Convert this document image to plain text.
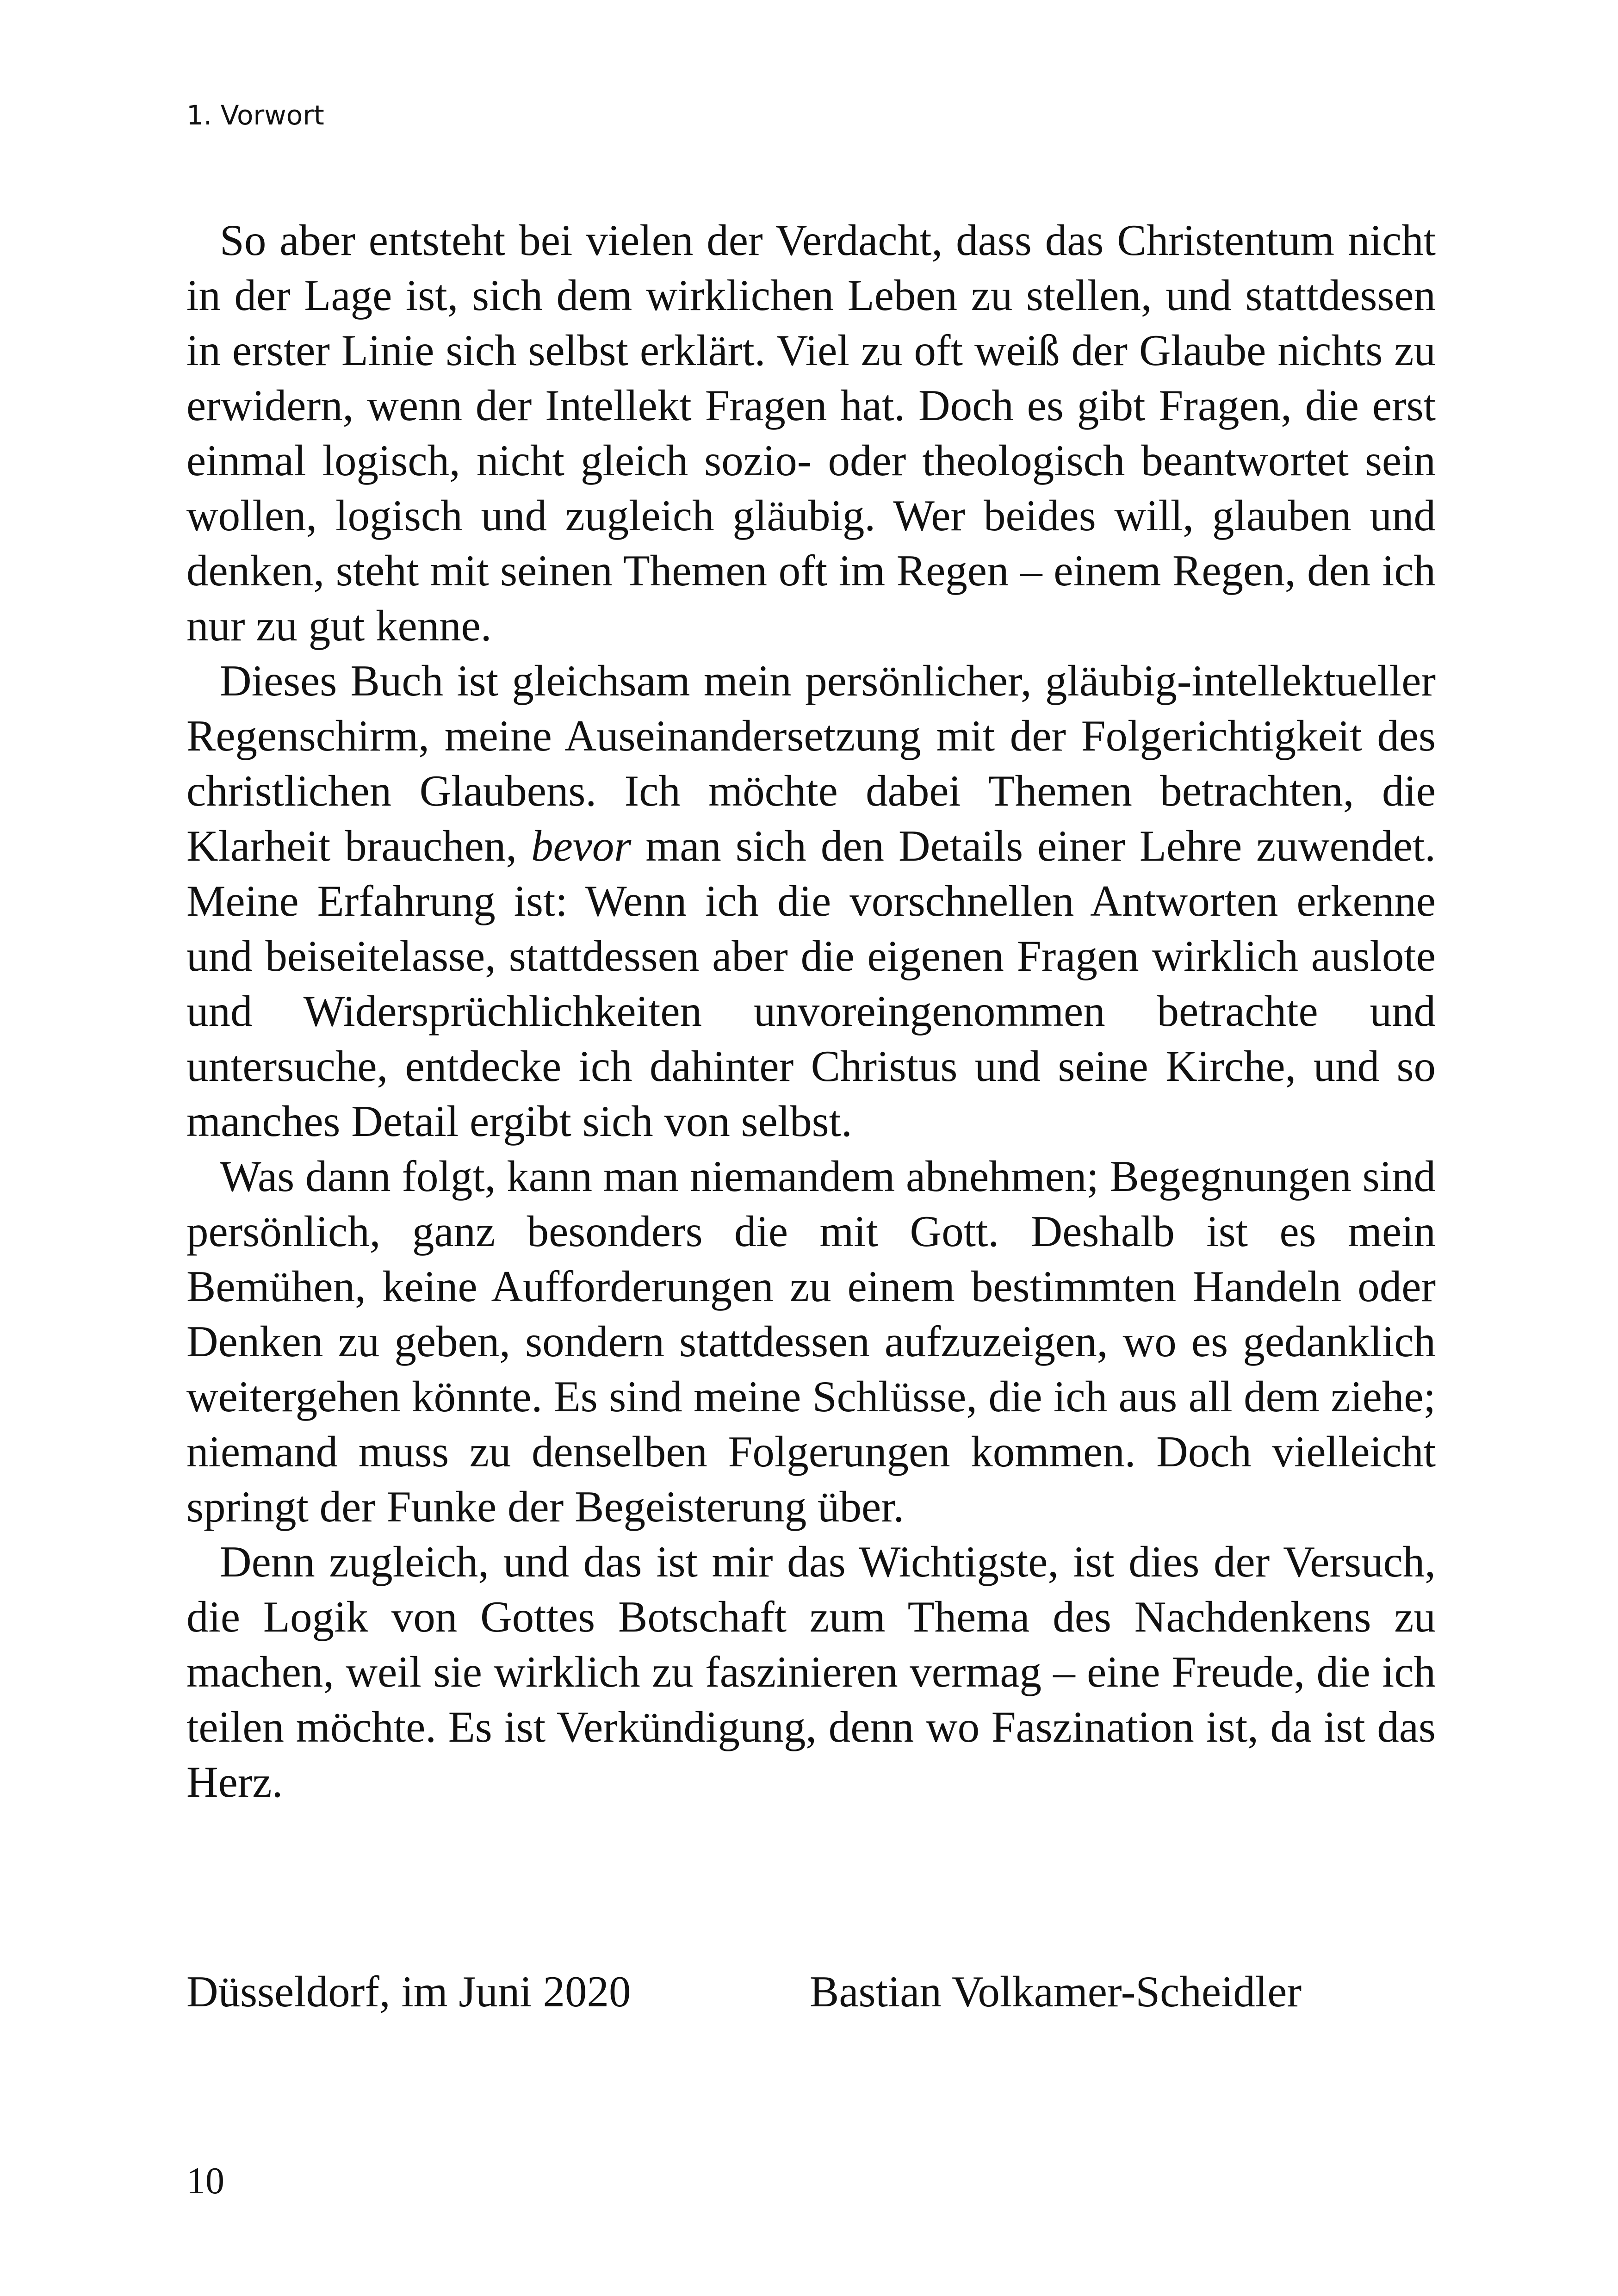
1. Vorwort

So aber entsteht bei vielen der Verdacht, dass das Christentum nicht in der Lage ist, sich dem wirklichen Leben zu stellen, und stattdessen in erster Linie sich selbst erklärt. Viel zu oft weiß der Glaube nichts zu erwidern, wenn der Intellekt Fragen hat. Doch es gibt Fragen, die erst einmal logisch, nicht gleich sozio- oder theologisch beantwortet sein wollen, logisch und zugleich gläubig. Wer beides will, glauben und denken, steht mit seinen Themen oft im Regen – einem Regen, den ich nur zu gut kenne.

Dieses Buch ist gleichsam mein persönlicher, gläubig-intellektueller Regenschirm, meine Auseinandersetzung mit der Folgerichtigkeit des christlichen Glaubens. Ich möchte dabei Themen betrachten, die Klarheit brauchen, bevor man sich den Details einer Lehre zuwendet. Meine Erfahrung ist: Wenn ich die vorschnellen Antworten erkenne und beiseitelasse, stattdessen aber die eigenen Fragen wirklich auslote und Widersprüchlichkeiten unvoreingenommen betrachte und untersuche, entdecke ich dahinter Christus und seine Kirche, und so manches Detail ergibt sich von selbst.

Was dann folgt, kann man niemandem abnehmen; Begegnungen sind persönlich, ganz besonders die mit Gott. Deshalb ist es mein Bemühen, keine Aufforderungen zu einem bestimmten Handeln oder Denken zu geben, sondern stattdessen aufzuzeigen, wo es gedanklich weitergehen könnte. Es sind meine Schlüsse, die ich aus all dem ziehe; niemand muss zu denselben Folgerungen kommen. Doch vielleicht springt der Funke der Begeisterung über.

Denn zugleich, und das ist mir das Wichtigste, ist dies der Versuch, die Logik von Gottes Botschaft zum Thema des Nachdenkens zu machen, weil sie wirklich zu faszinieren vermag – eine Freude, die ich teilen möchte. Es ist Verkündigung, denn wo Faszination ist, da ist das Herz.

Düsseldorf, im Juni 2020	Bastian Volkamer-Scheidler
10
